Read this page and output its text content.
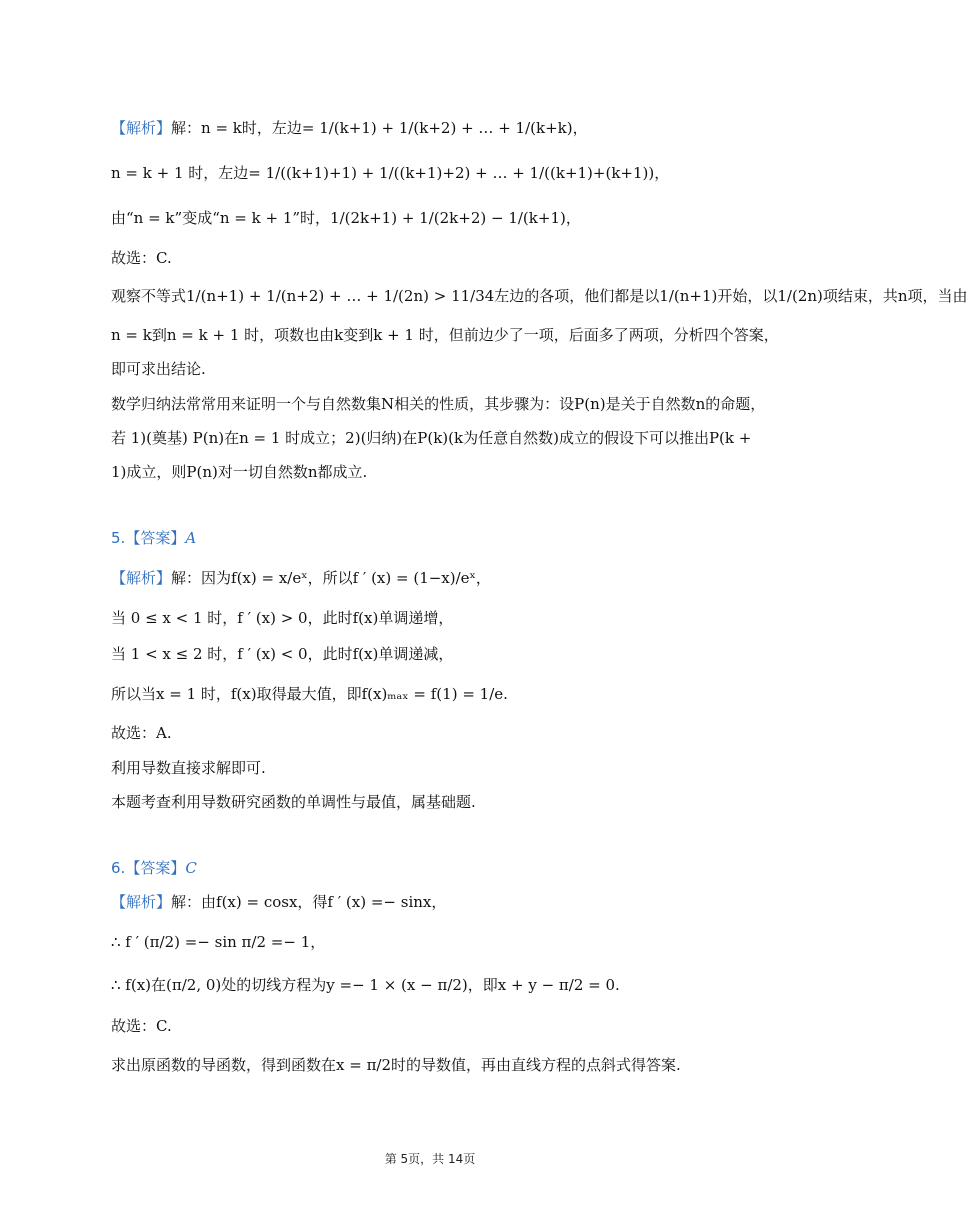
【解析】解：n = k时，左边= 1/(k+1) + 1/(k+2) + … + 1/(k+k)，
n = k + 1 时，左边= 1/((k+1)+1) + 1/((k+1)+2) + … + 1/((k+1)+(k+1))，
由“n = k”变成“n = k + 1”时，1/(2k+1) + 1/(2k+2) − 1/(k+1)，
故选：C.
观察不等式1/(n+1) + 1/(n+2) + … + 1/(2n) > 11/34左边的各项，他们都是以1/(n+1)开始，以1/(2n)项结束，共n项，当由
n = k到n = k + 1 时，项数也由k变到k + 1 时，但前边少了一项，后面多了两项，分析四个答案，
即可求出结论.
数学归纳法常常用来证明一个与自然数集N相关的性质，其步骤为：设P(n)是关于自然数n的命题，
若 1)(奠基) P(n)在n = 1 时成立；2)(归纳)在P(k)(k为任意自然数)成立的假设下可以推出P(k +
1)成立，则P(n)对一切自然数n都成立.
5.【答案】A
【解析】解：因为f(x) = x/eˣ，所以f ′ (x) = (1−x)/eˣ，
当 0 ≤ x < 1 时，f ′ (x) > 0，此时f(x)单调递增，
当 1 < x ≤ 2 时，f ′ (x) < 0，此时f(x)单调递减，
所以当x = 1 时，f(x)取得最大值，即f(x)ₘₐₓ = f(1) = 1/e.
故选：A.
利用导数直接求解即可.
本题考查利用导数研究函数的单调性与最值，属基础题.
6.【答案】C
【解析】解：由f(x) = cosx，得f ′ (x) =− sinx，
∴ f ′ (π/2) =− sin π/2 =− 1，
∴ f(x)在(π/2, 0)处的切线方程为y =− 1 × (x − π/2)，即x + y − π/2 = 0.
故选：C.
求出原函数的导函数，得到函数在x = π/2时的导数值，再由直线方程的点斜式得答案.
第 5页，共 14页
